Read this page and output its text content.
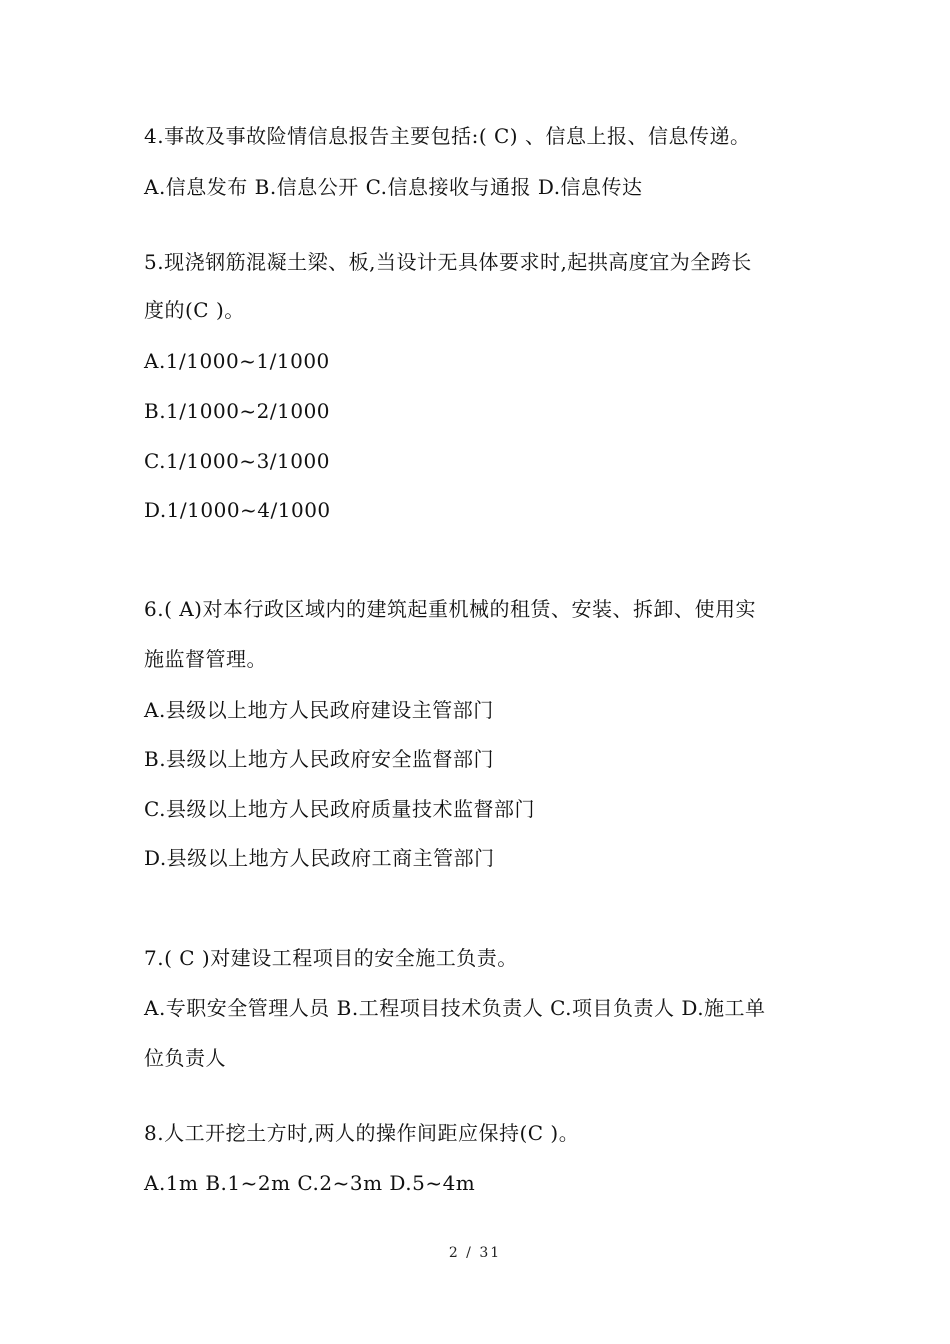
4.事故及事故险情信息报告主要包括:( C) 、信息上报、信息传递。
A.信息发布 B.信息公开 C.信息接收与通报 D.信息传达
5.现浇钢筋混凝土梁、板,当设计无具体要求时,起拱高度宜为全跨长
度的(C )。
A.1/1000~1/1000
B.1/1000~2/1000
C.1/1000~3/1000
D.1/1000~4/1000
6.( A)对本行政区域内的建筑起重机械的租赁、安装、拆卸、使用实
施监督管理。
A.县级以上地方人民政府建设主管部门
B.县级以上地方人民政府安全监督部门
C.县级以上地方人民政府质量技术监督部门
D.县级以上地方人民政府工商主管部门
7.( C )对建设工程项目的安全施工负责。
A.专职安全管理人员 B.工程项目技术负责人 C.项目负责人 D.施工单
位负责人
8.人工开挖土方时,两人的操作间距应保持(C )。
A.1m B.1~2m C.2~3m D.5~4m
2 / 31
